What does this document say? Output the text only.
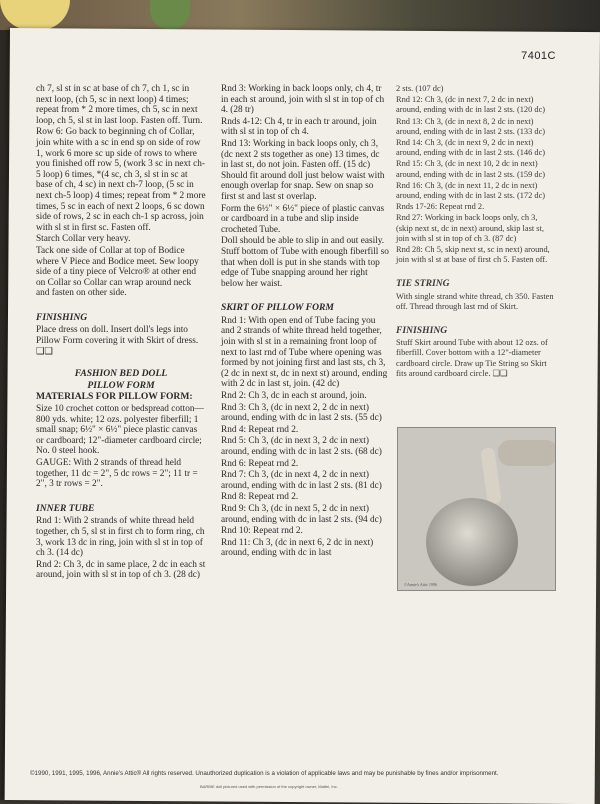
7401C

ch 7, sl st in sc at base of ch 7, ch 1, sc in next loop, (ch 5, sc in next loop) 4 times; repeat from * 2 more times, ch 5, sc in next loop, ch 5, sl st in last loop. Fasten off. Turn.

Row 6: Go back to beginning ch of Collar, join white with a sc in end sp on side of row 1, work 6 more sc up side of rows to where you finished off row 5, (work 3 sc in next ch-5 loop) 6 times, *(4 sc, ch 3, sl st in sc at base of ch, 4 sc) in next ch-7 loop, (5 sc in next ch-5 loop) 4 times; repeat from * 2 more times, 5 sc in each of next 2 loops, 6 sc down side of rows, 2 sc in each ch-1 sp across, join with sl st in first sc. Fasten off.

Starch Collar very heavy.

Tack one side of Collar at top of Bodice where V Piece and Bodice meet. Sew loopy side of a tiny piece of Velcro® at other end on Collar so Collar can wrap around neck and fasten on other side.

FINISHING

Place dress on doll. Insert doll's legs into Pillow Form covering it with Skirt of dress. ❑❑

FASHION BED DOLL

PILLOW FORM

MATERIALS FOR PILLOW FORM:

Size 10 crochet cotton or bedspread cotton—800 yds. white; 12 ozs. polyester fiberfill; 1 small snap; 6½" × 6½" piece plastic canvas or cardboard; 12"-diameter cardboard circle; No. 0 steel hook.

GAUGE: With 2 strands of thread held together, 11 dc = 2", 5 dc rows = 2"; 11 tr = 2", 3 tr rows = 2".

INNER TUBE

Rnd 1: With 2 strands of white thread held together, ch 5, sl st in first ch to form ring, ch 3, work 13 dc in ring, join with sl st in top of ch 3. (14 dc)

Rnd 2: Ch 3, dc in same place, 2 dc in each st around, join with sl st in top of ch 3. (28 dc)

Rnd 3: Working in back loops only, ch 4, tr in each st around, join with sl st in top of ch 4. (28 tr)

Rnds 4-12: Ch 4, tr in each tr around, join with sl st in top of ch 4.

Rnd 13: Working in back loops only, ch 3, (dc next 2 sts together as one) 13 times, dc in last st, do not join. Fasten off. (15 dc) Should fit around doll just below waist with enough overlap for snap. Sew on snap so first st and last st overlap.

Form the 6½" × 6½" piece of plastic canvas or cardboard in a tube and slip inside crocheted Tube.

Doll should be able to slip in and out easily. Stuff bottom of Tube with enough fiberfill so that when doll is put in she stands with top edge of Tube snapping around her right below her waist.

SKIRT OF PILLOW FORM

Rnd 1: With open end of Tube facing you and 2 strands of white thread held together, join with sl st in a remaining front loop of next to last rnd of Tube where opening was formed by not joining first and last sts, ch 3, (2 dc in next st, dc in next st) around, ending with 2 dc in last st, join. (42 dc)

Rnd 2: Ch 3, dc in each st around, join.

Rnd 3: Ch 3, (dc in next 2, 2 dc in next) around, ending with dc in last 2 sts. (55 dc)

Rnd 4: Repeat rnd 2.

Rnd 5: Ch 3, (dc in next 3, 2 dc in next) around, ending with dc in last 2 sts. (68 dc)

Rnd 6: Repeat rnd 2.

Rnd 7: Ch 3, (dc in next 4, 2 dc in next) around, ending with dc in last 2 sts. (81 dc)

Rnd 8: Repeat rnd 2.

Rnd 9: Ch 3, (dc in next 5, 2 dc in next) around, ending with dc in last 2 sts. (94 dc)

Rnd 10: Repeat rnd 2.

Rnd 11: Ch 3, (dc in next 6, 2 dc in next) around, ending with dc in last

2 sts. (107 dc)

Rnd 12: Ch 3, (dc in next 7, 2 dc in next) around, ending with dc in last 2 sts. (120 dc)

Rnd 13: Ch 3, (dc in next 8, 2 dc in next) around, ending with dc in last 2 sts. (133 dc)

Rnd 14: Ch 3, (dc in next 9, 2 dc in next) around, ending with dc in last 2 sts. (146 dc)

Rnd 15: Ch 3, (dc in next 10, 2 dc in next) around, ending with dc in last 2 sts. (159 dc)

Rnd 16: Ch 3, (dc in next 11, 2 dc in next) around, ending with dc in last 2 sts. (172 dc)

Rnds 17-26: Repeat rnd 2.

Rnd 27: Working in back loops only, ch 3, (skip next st, dc in next) around, skip last st, join with sl st in top of ch 3. (87 dc)

Rnd 28: Ch 5, skip next st, sc in next) around, join with sl st at base of first ch 5. Fasten off.

TIE STRING

With single strand white thread, ch 350. Fasten off. Thread through last rnd of Skirt.

FINISHING

Stuff Skirt around Tube with about 12 ozs. of fiberfill. Cover bottom with a 12"-diameter cardboard circle. Draw up Tie String so Skirt fits around cardboard circle. ❑❑

©Annie's Attic 1996
©1990, 1991, 1995, 1996, Annie's Attic® All rights reserved. Unauthorized duplication is a violation of applicable laws and may be punishable by fines and/or imprisonment.
BARBIE doll pictured used with permission of the copyright owner, Mattel, Inc.
